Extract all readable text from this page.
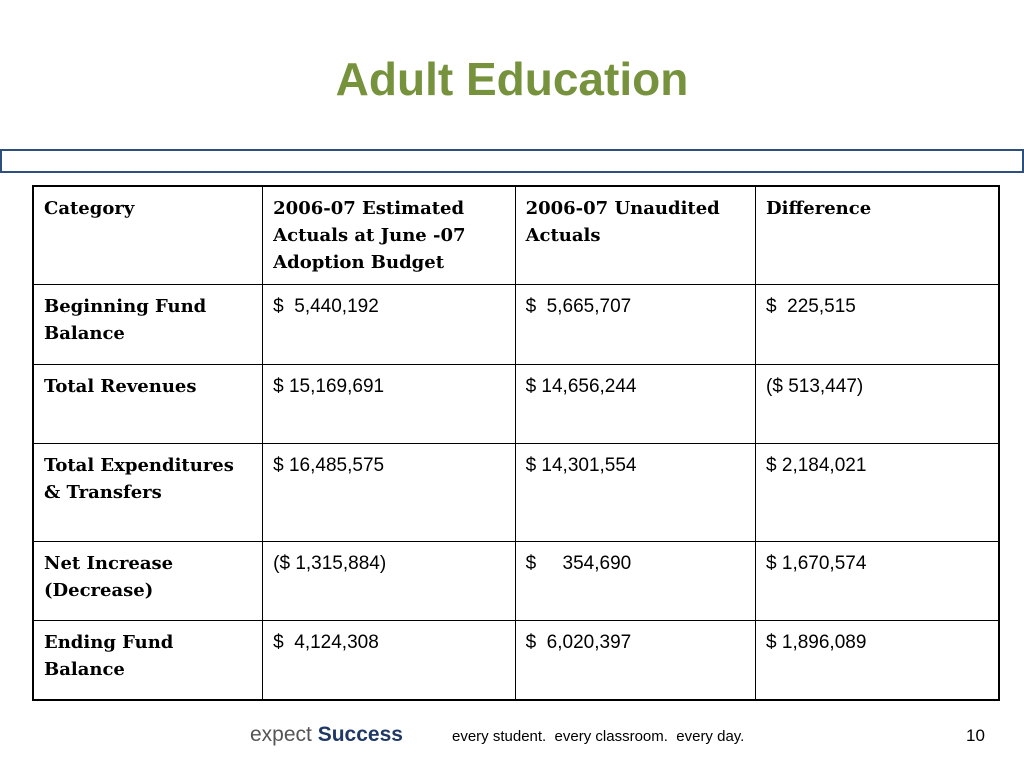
Adult Education
Category	2006-07 Estimated Actuals at June -07 Adoption Budget	2006-07 Unaudited Actuals	Difference
Beginning Fund Balance	$  5,440,192	$  5,665,707	$  225,515
Total Revenues	$ 15,169,691	$ 14,656,244	($ 513,447)
Total Expenditures & Transfers	$ 16,485,575	$ 14,301,554	$ 2,184,021
Net Increase (Decrease)	($ 1,315,884)	$     354,690	$ 1,670,574
Ending Fund Balance	$  4,124,308	$  6,020,397	$ 1,896,089
expect Success	every student.  every classroom.  every day.	10
